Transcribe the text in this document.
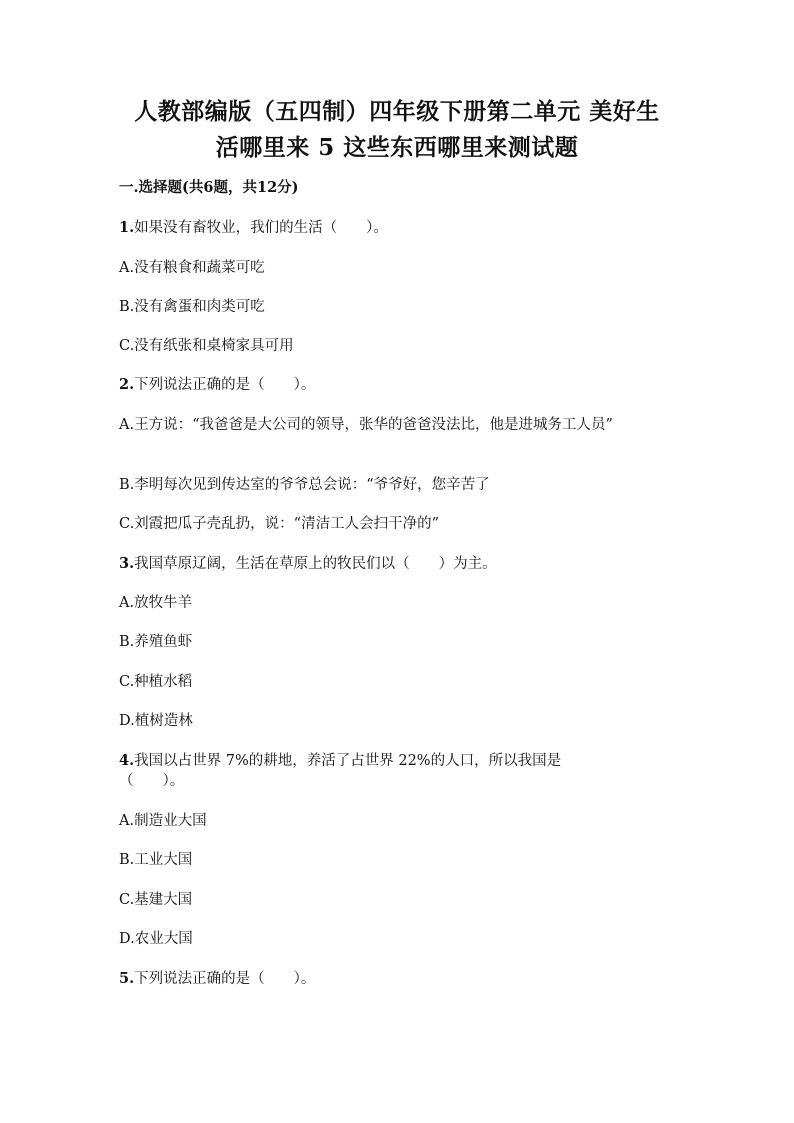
人教部编版（五四制）四年级下册第二单元 美好生
活哪里来 5 这些东西哪里来测试题
一.选择题(共6题，共12分)
1.如果没有畜牧业，我们的生活（　　）。
A.没有粮食和蔬菜可吃
B.没有禽蛋和肉类可吃
C.没有纸张和桌椅家具可用
2.下列说法正确的是（　　）。
A.王方说：“我爸爸是大公司的领导，张华的爸爸没法比，他是进城务工人员”
B.李明每次见到传达室的爷爷总会说：“爷爷好，您辛苦了
C.刘霞把瓜子壳乱扔，说：“清洁工人会扫干净的”
3.我国草原辽阔，生活在草原上的牧民们以（　　）为主。
A.放牧牛羊
B.养殖鱼虾
C.种植水稻
D.植树造林
4.我国以占世界 7%的耕地，养活了占世界 22%的人口，所以我国是（　　）。
A.制造业大国
B.工业大国
C.基建大国
D.农业大国
5.下列说法正确的是（　　）。
